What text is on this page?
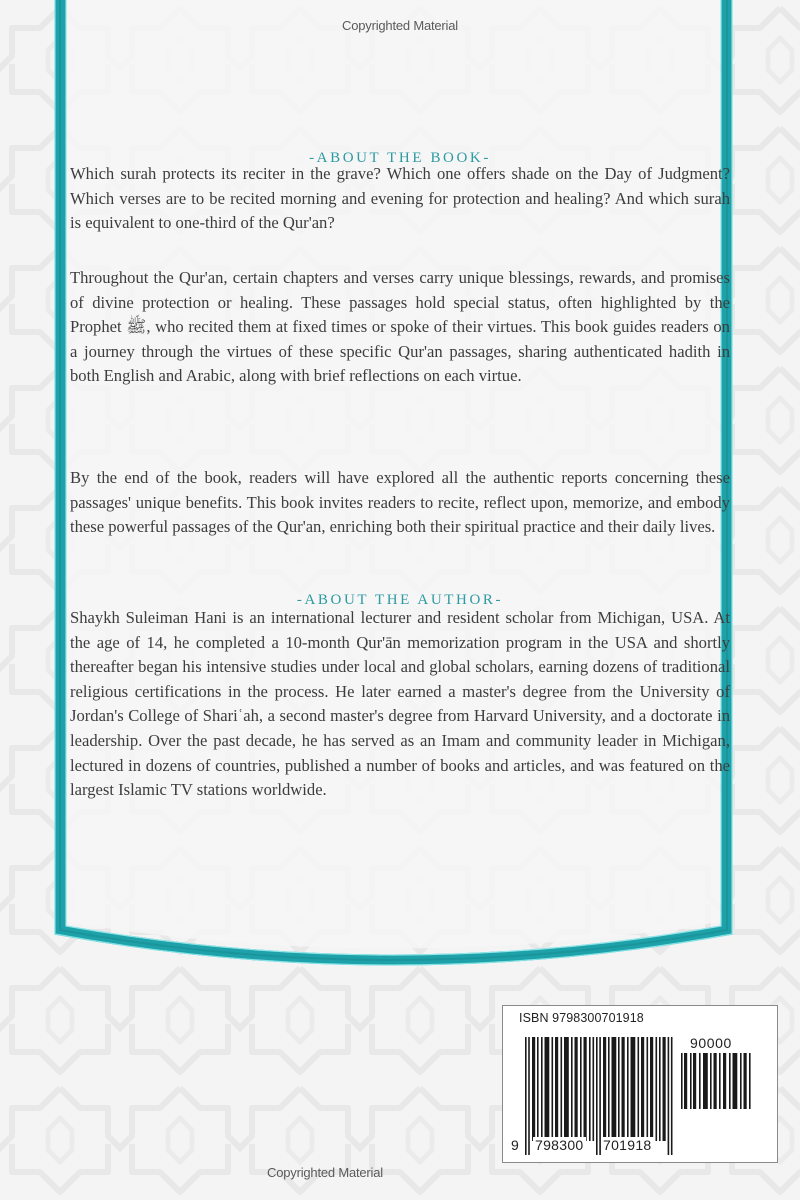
Copyrighted Material
-ABOUT THE BOOK-

Which surah protects its reciter in the grave? Which one offers shade on the Day of Judgment? Which verses are to be recited morning and evening for protection and healing? And which surah is equivalent to one-third of the Qur'an?

Throughout the Qur'an, certain chapters and verses carry unique blessings, rewards, and promises of divine protection or healing. These passages hold special status, often highlighted by the Prophet ﷺ, who recited them at fixed times or spoke of their virtues. This book guides readers on a journey through the virtues of these specific Qur'an passages, sharing authenticated hadith in both English and Arabic, along with brief reflections on each virtue.

By the end of the book, readers will have explored all the authentic reports concerning these passages' unique benefits. This book invites readers to recite, reflect upon, memorize, and embody these powerful passages of the Qur'an, enriching both their spiritual practice and their daily lives.

-ABOUT THE AUTHOR-

Shaykh Suleiman Hani is an international lecturer and resident scholar from Michigan, USA. At the age of 14, he completed a 10-month Qur'ān memorization program in the USA and shortly thereafter began his intensive studies under local and global scholars, earning dozens of traditional religious certifications in the process. He later earned a master's degree from the University of Jordan's College of Shariʿah, a second master's degree from Harvard University, and a doctorate in leadership. Over the past decade, he has served as an Imam and community leader in Michigan, lectured in dozens of countries, published a number of books and articles, and was featured on the largest Islamic TV stations worldwide.

ISBN 9798300701918
90000
9 798300 701918
Copyrighted Material
